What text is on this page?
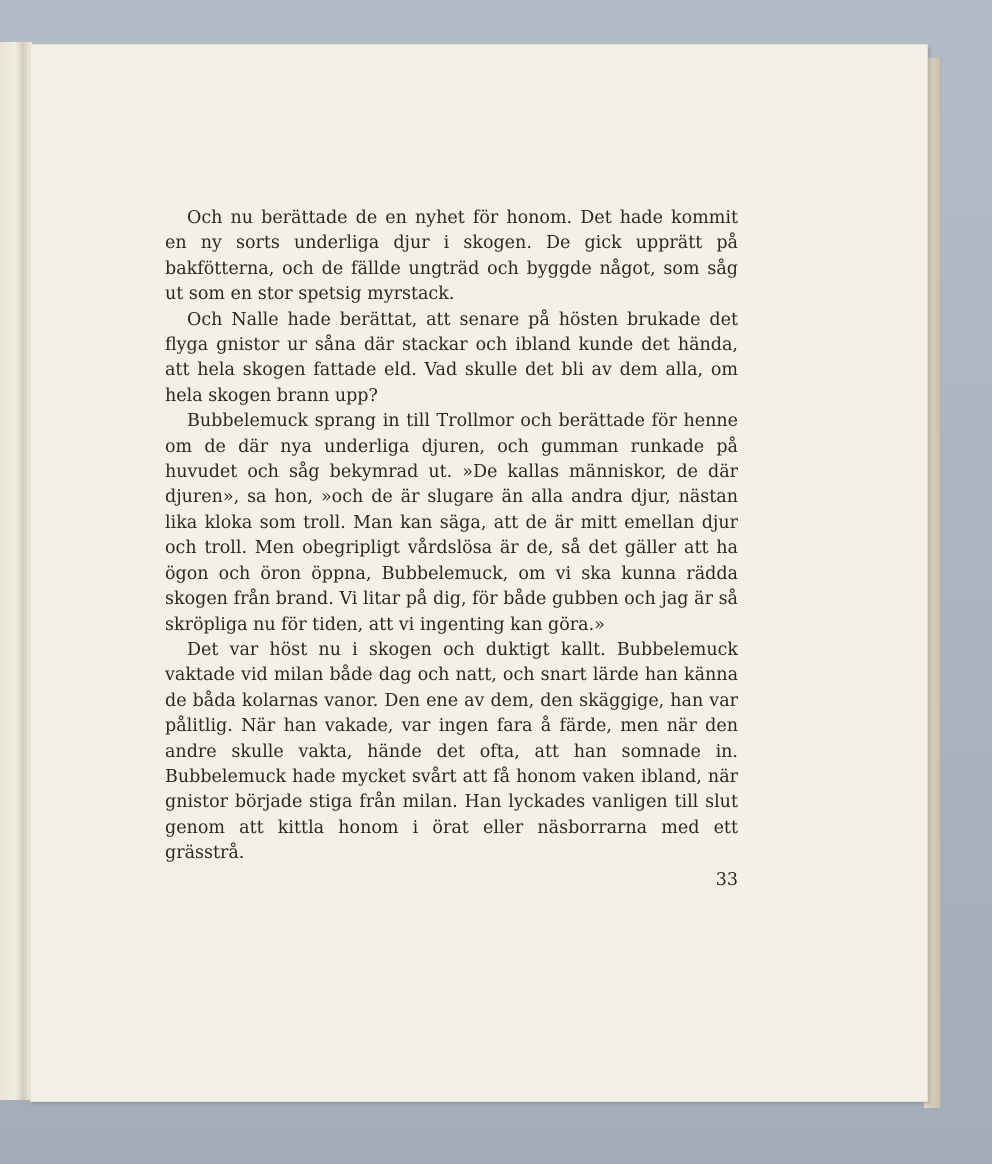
Och nu berättade de en nyhet för honom. Det hade kommit en ny sorts underliga djur i skogen. De gick upprätt på bakfötterna, och de fällde ungträd och byggde något, som såg ut som en stor spetsig myrstack.

Och Nalle hade berättat, att senare på hösten brukade det flyga gnistor ur såna där stackar och ibland kunde det hända, att hela skogen fattade eld. Vad skulle det bli av dem alla, om hela skogen brann upp?

Bubbelemuck sprang in till Trollmor och berättade för henne om de där nya underliga djuren, och gumman runkade på huvudet och såg bekymrad ut. »De kallas människor, de där djuren», sa hon, »och de är slugare än alla andra djur, nästan lika kloka som troll. Man kan säga, att de är mitt emellan djur och troll. Men obegripligt vårdslösa är de, så det gäller att ha ögon och öron öppna, Bubbelemuck, om vi ska kunna rädda skogen från brand. Vi litar på dig, för både gubben och jag är så skröpliga nu för tiden, att vi ingenting kan göra.»

Det var höst nu i skogen och duktigt kallt. Bubbelemuck vaktade vid milan både dag och natt, och snart lärde han känna de båda kolarnas vanor. Den ene av dem, den skäggige, han var pålitlig. När han vakade, var ingen fara å färde, men när den andre skulle vakta, hände det ofta, att han somnade in. Bubbelemuck hade mycket svårt att få honom vaken ibland, när gnistor började stiga från milan. Han lyckades vanligen till slut genom att kittla honom i örat eller näsborrarna med ett grässtrå.

33
